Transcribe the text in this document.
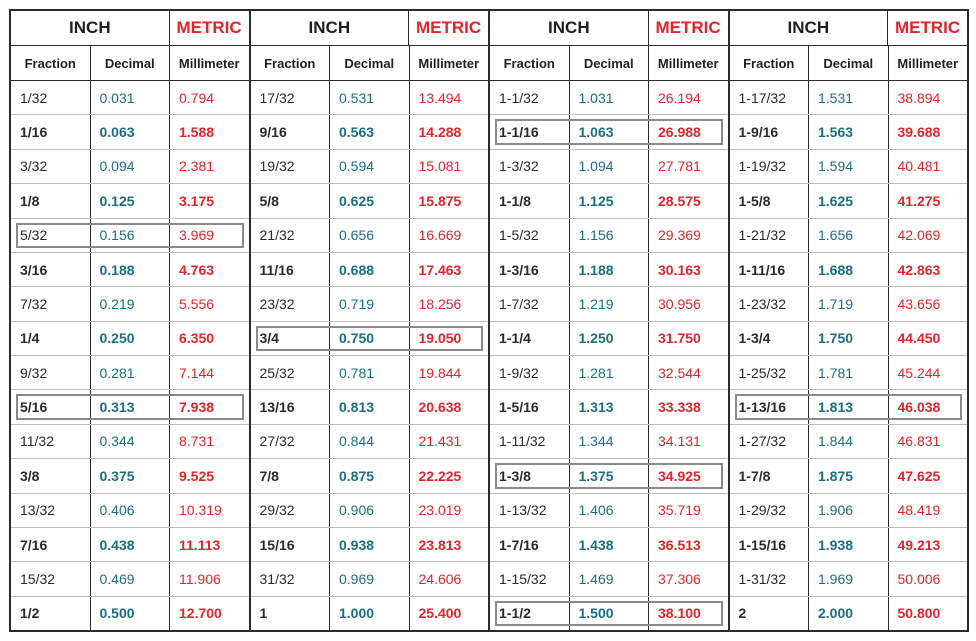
INCH	METRIC
Fraction	Decimal	Millimeter
1/32	0.031	0.794
1/16	0.063	1.588
3/32	0.094	2.381
1/8	0.125	3.175
5/32	0.156	3.969
3/16	0.188	4.763
7/32	0.219	5.556
1/4	0.250	6.350
9/32	0.281	7.144
5/16	0.313	7.938
11/32	0.344	8.731
3/8	0.375	9.525
13/32	0.406	10.319
7/16	0.438	11.113
15/32	0.469	11.906
1/2	0.500	12.700
INCH	METRIC
Fraction	Decimal	Millimeter
17/32	0.531	13.494
9/16	0.563	14.288
19/32	0.594	15.081
5/8	0.625	15.875
21/32	0.656	16.669
11/16	0.688	17.463
23/32	0.719	18.256
3/4	0.750	19.050
25/32	0.781	19.844
13/16	0.813	20.638
27/32	0.844	21.431
7/8	0.875	22.225
29/32	0.906	23.019
15/16	0.938	23.813
31/32	0.969	24.606
1	1.000	25.400
INCH	METRIC
Fraction	Decimal	Millimeter
1-1/32	1.031	26.194
1-1/16	1.063	26.988
1-3/32	1.094	27.781
1-1/8	1.125	28.575
1-5/32	1.156	29.369
1-3/16	1.188	30.163
1-7/32	1.219	30.956
1-1/4	1.250	31.750
1-9/32	1.281	32.544
1-5/16	1.313	33.338
1-11/32	1.344	34.131
1-3/8	1.375	34.925
1-13/32	1.406	35.719
1-7/16	1.438	36.513
1-15/32	1.469	37.306
1-1/2	1.500	38.100
INCH	METRIC
Fraction	Decimal	Millimeter
1-17/32	1.531	38.894
1-9/16	1.563	39.688
1-19/32	1.594	40.481
1-5/8	1.625	41.275
1-21/32	1.656	42.069
1-11/16	1.688	42.863
1-23/32	1.719	43.656
1-3/4	1.750	44.450
1-25/32	1.781	45.244
1-13/16	1.813	46.038
1-27/32	1.844	46.831
1-7/8	1.875	47.625
1-29/32	1.906	48.419
1-15/16	1.938	49.213
1-31/32	1.969	50.006
2	2.000	50.800
